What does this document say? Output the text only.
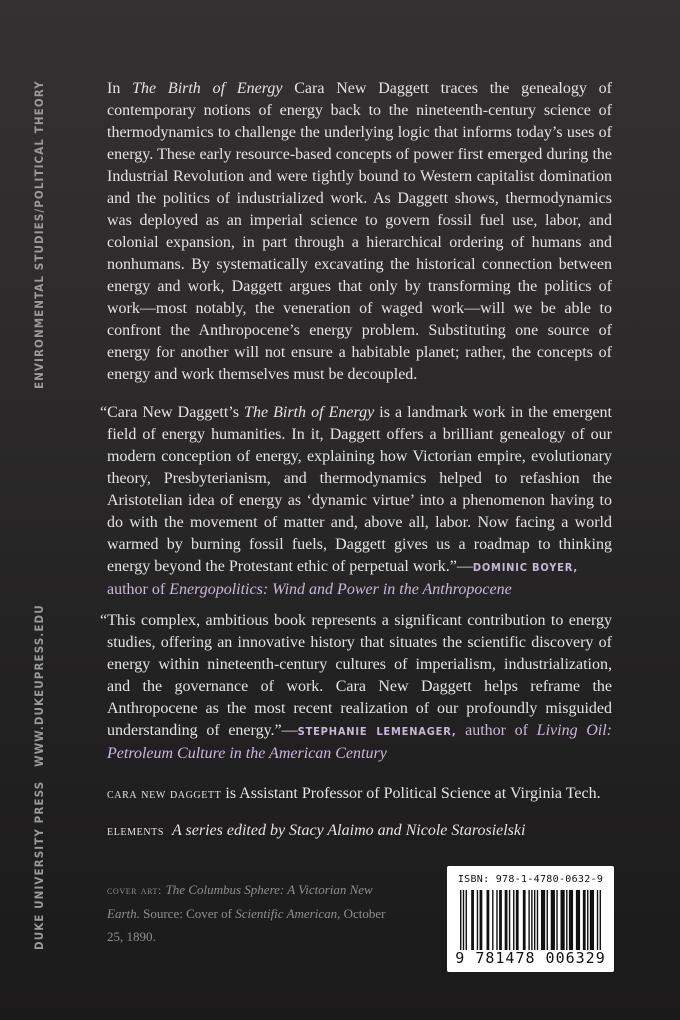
ENVIRONMENTAL STUDIES/POLITICAL THEORY
DUKE UNIVERSITY PRESSWWW.DUKEUPRESS.EDU

In The Birth of Energy Cara New Daggett traces the genealogy of contemporary notions of energy back to the nineteenth-century science of thermodynamics to challenge the underlying logic that informs today’s uses of energy. These early resource-based concepts of power first emerged during the Industrial Revolution and were tightly bound to Western capitalist domination and the politics of industrialized work. As Daggett shows, thermodynamics was deployed as an imperial science to govern fossil fuel use, labor, and colonial expansion, in part through a hierarchical ordering of humans and nonhumans. By systematically excavating the historical connection between energy and work, Daggett argues that only by transforming the politics of work—most notably, the veneration of waged work—will we be able to confront the Anthropocene’s energy problem. Substituting one source of energy for another will not ensure a habitable planet; rather, the concepts of energy and work themselves must be decoupled.

“Cara New Daggett’s The Birth of Energy is a landmark work in the emergent field of energy humanities. In it, Daggett offers a brilliant genealogy of our modern conception of energy, explaining how Victorian empire, evolutionary theory, Presbyterianism, and thermodynamics helped to refashion the Aristotelian idea of energy as ‘dynamic virtue’ into a phenomenon having to do with the movement of matter and, above all, labor. Now facing a world warmed by burning fossil fuels, Daggett gives us a roadmap to thinking energy beyond the Protestant ethic of perpetual work.”—DOMINIC BOYER,
author of Energopolitics: Wind and Power in the Anthropocene

“This complex, ambitious book represents a significant contribution to energy studies, offering an innovative history that situates the scientific discovery of energy within nineteenth-century cultures of imperialism, industrialization, and the governance of work. Cara New Daggett helps reframe the Anthropocene as the most recent realization of our profoundly misguided understanding of energy.”—STEPHANIE LEMENAGER, author of Living Oil: Petroleum Culture in the American Century

cara new daggett is Assistant Professor of Political Science at Virginia Tech.

elements A series edited by Stacy Alaimo and Nicole Starosielski

cover art: The Columbus Sphere: A Victorian New Earth. Source: Cover of Scientific American, October 25, 1890.

ISBN: 978-1-4780-0632-9
9 781478 006329
